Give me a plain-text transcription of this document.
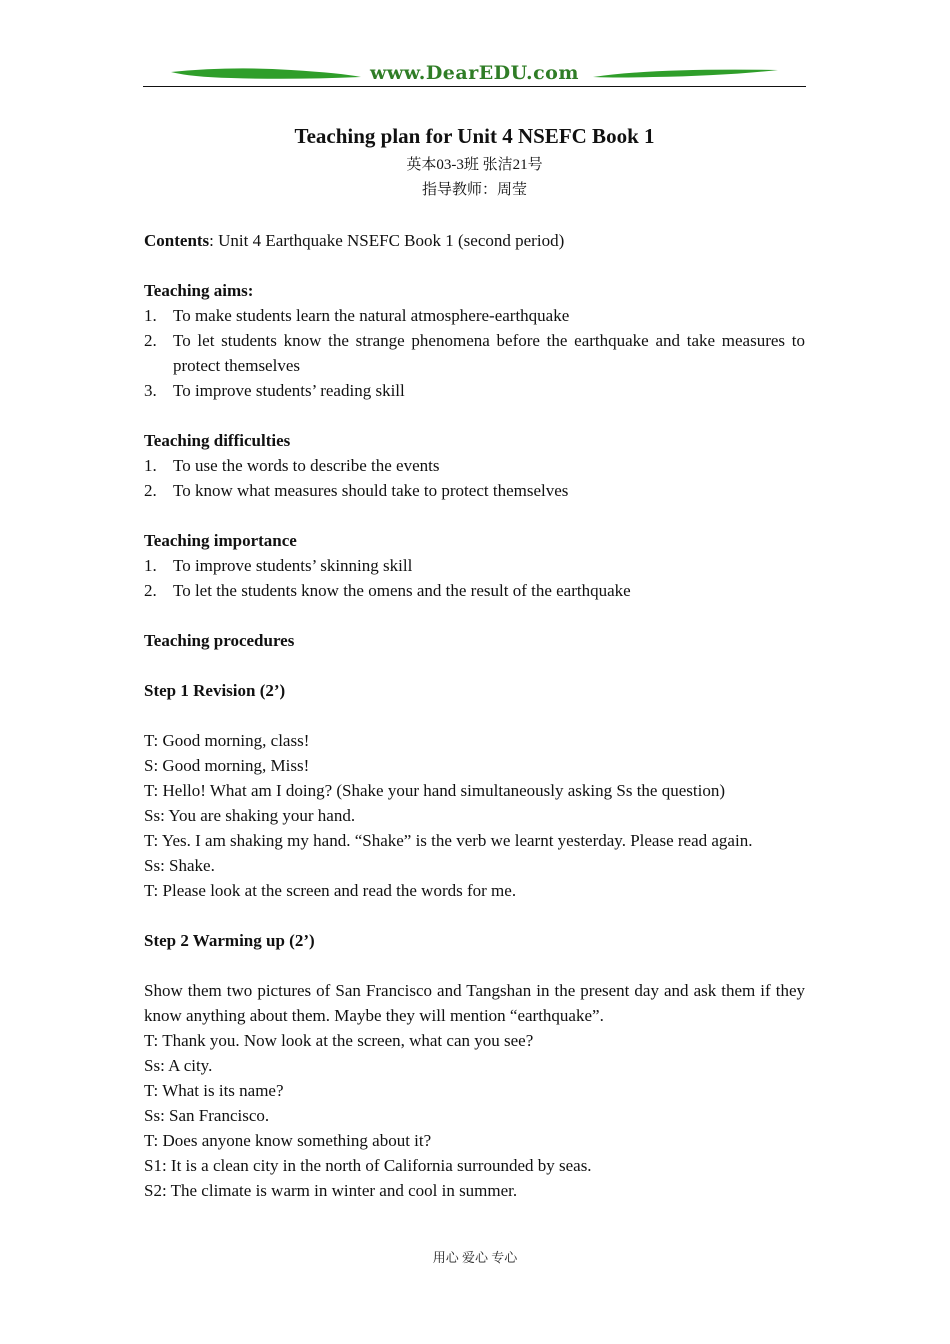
www.DearEDU.com
Teaching plan for Unit 4 NSEFC Book 1
英本03-3班 张洁21号
指导教师：周莹

Contents: Unit 4 Earthquake NSEFC Book 1 (second period)

Teaching aims:
1. To make students learn the natural atmosphere-earthquake
2. To let students know the strange phenomena before the earthquake and take measures to protect themselves
3. To improve students’ reading skill
Teaching difficulties
1. To use the words to describe the events
2. To know what measures should take to protect themselves
Teaching importance
1. To improve students’ skinning skill
2. To let the students know the omens and the result of the earthquake
Teaching procedures
Step 1 Revision (2’)

T: Good morning, class!

S: Good morning, Miss!

T: Hello! What am I doing? (Shake your hand simultaneously asking Ss the question)

Ss: You are shaking your hand.

T: Yes. I am shaking my hand. “Shake” is the verb we learnt yesterday. Please read again.

Ss: Shake.

T: Please look at the screen and read the words for me.

Step 2 Warming up (2’)

Show them two pictures of San Francisco and Tangshan in the present day and ask them if they know anything about them. Maybe they will mention “earthquake”.

T: Thank you. Now look at the screen, what can you see?

Ss: A city.

T: What is its name?

Ss: San Francisco.

T: Does anyone know something about it?

S1: It is a clean city in the north of California surrounded by seas.

S2: The climate is warm in winter and cool in summer.

用心 爱心 专心
